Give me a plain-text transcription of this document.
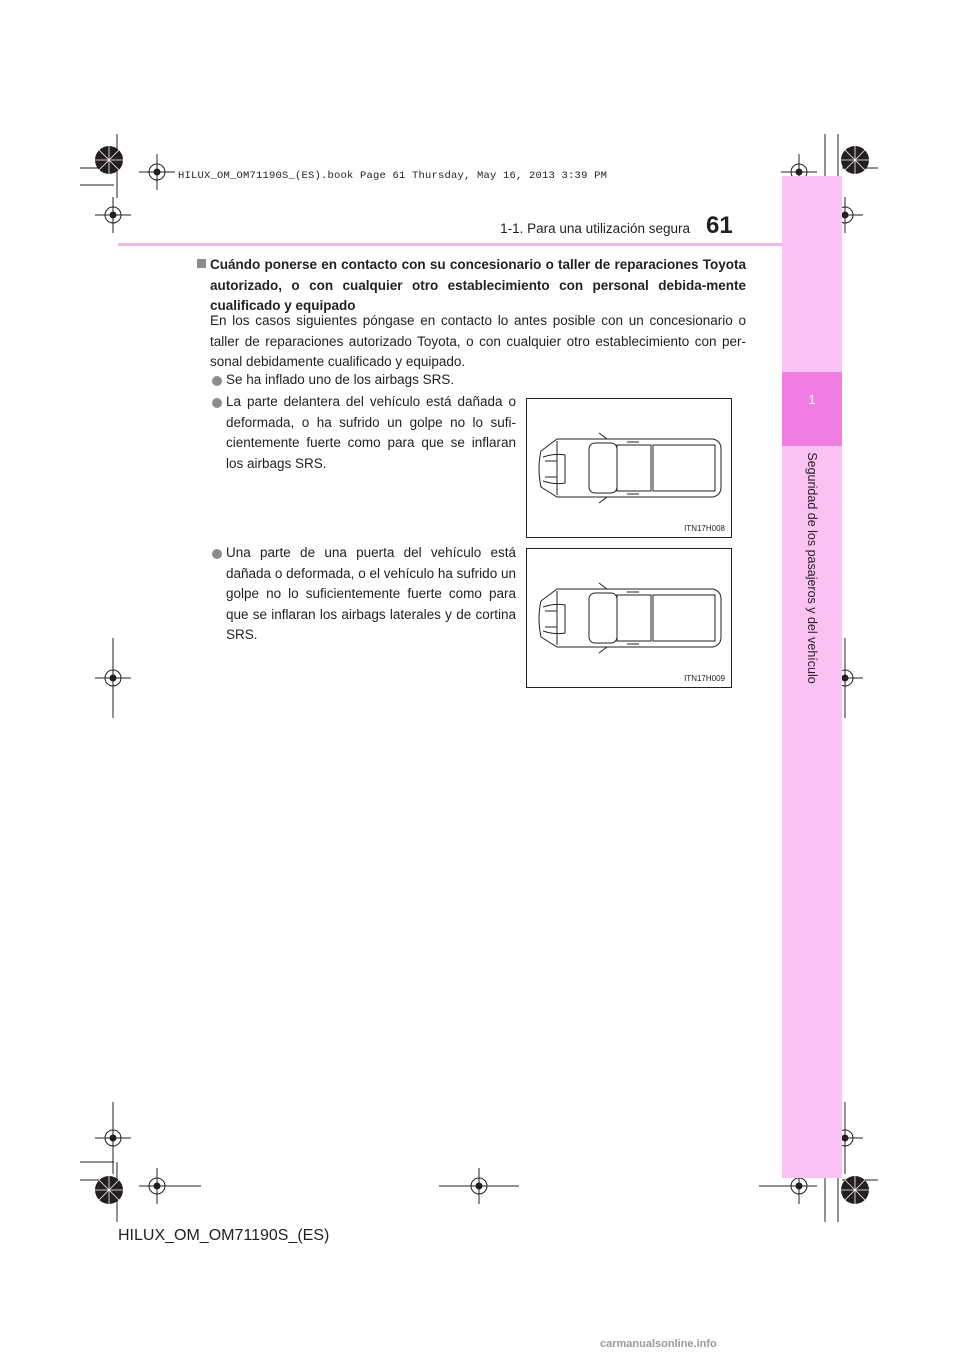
HILUX_OM_OM71190S_(ES).book Page 61 Thursday, May 16, 2013 3:39 PM
1
Seguridad de los pasajeros y del vehículo
1-1. Para una utilización segura 61
Cuándo ponerse en contacto con su concesionario o taller de reparaciones Toyota autorizado, o con cualquier otro establecimiento con personal debida-mente cualificado y equipado
En los casos siguientes póngase en contacto lo antes posible con un concesionario o taller de reparaciones autorizado Toyota, o con cualquier otro establecimiento con per-sonal debidamente cualificado y equipado.
Se ha inflado uno de los airbags SRS.
La parte delantera del vehículo está dañada o deformada, o ha sufrido un golpe no lo sufi-cientemente fuerte como para que se inflaran los airbags SRS.
ITN17H008
Una parte de una puerta del vehículo está dañada o deformada, o el vehículo ha sufrido un golpe no lo suficientemente fuerte como para que se inflaran los airbags laterales y de cortina SRS.
ITN17H009
HILUX_OM_OM71190S_(ES)
carmanualsonline.info
